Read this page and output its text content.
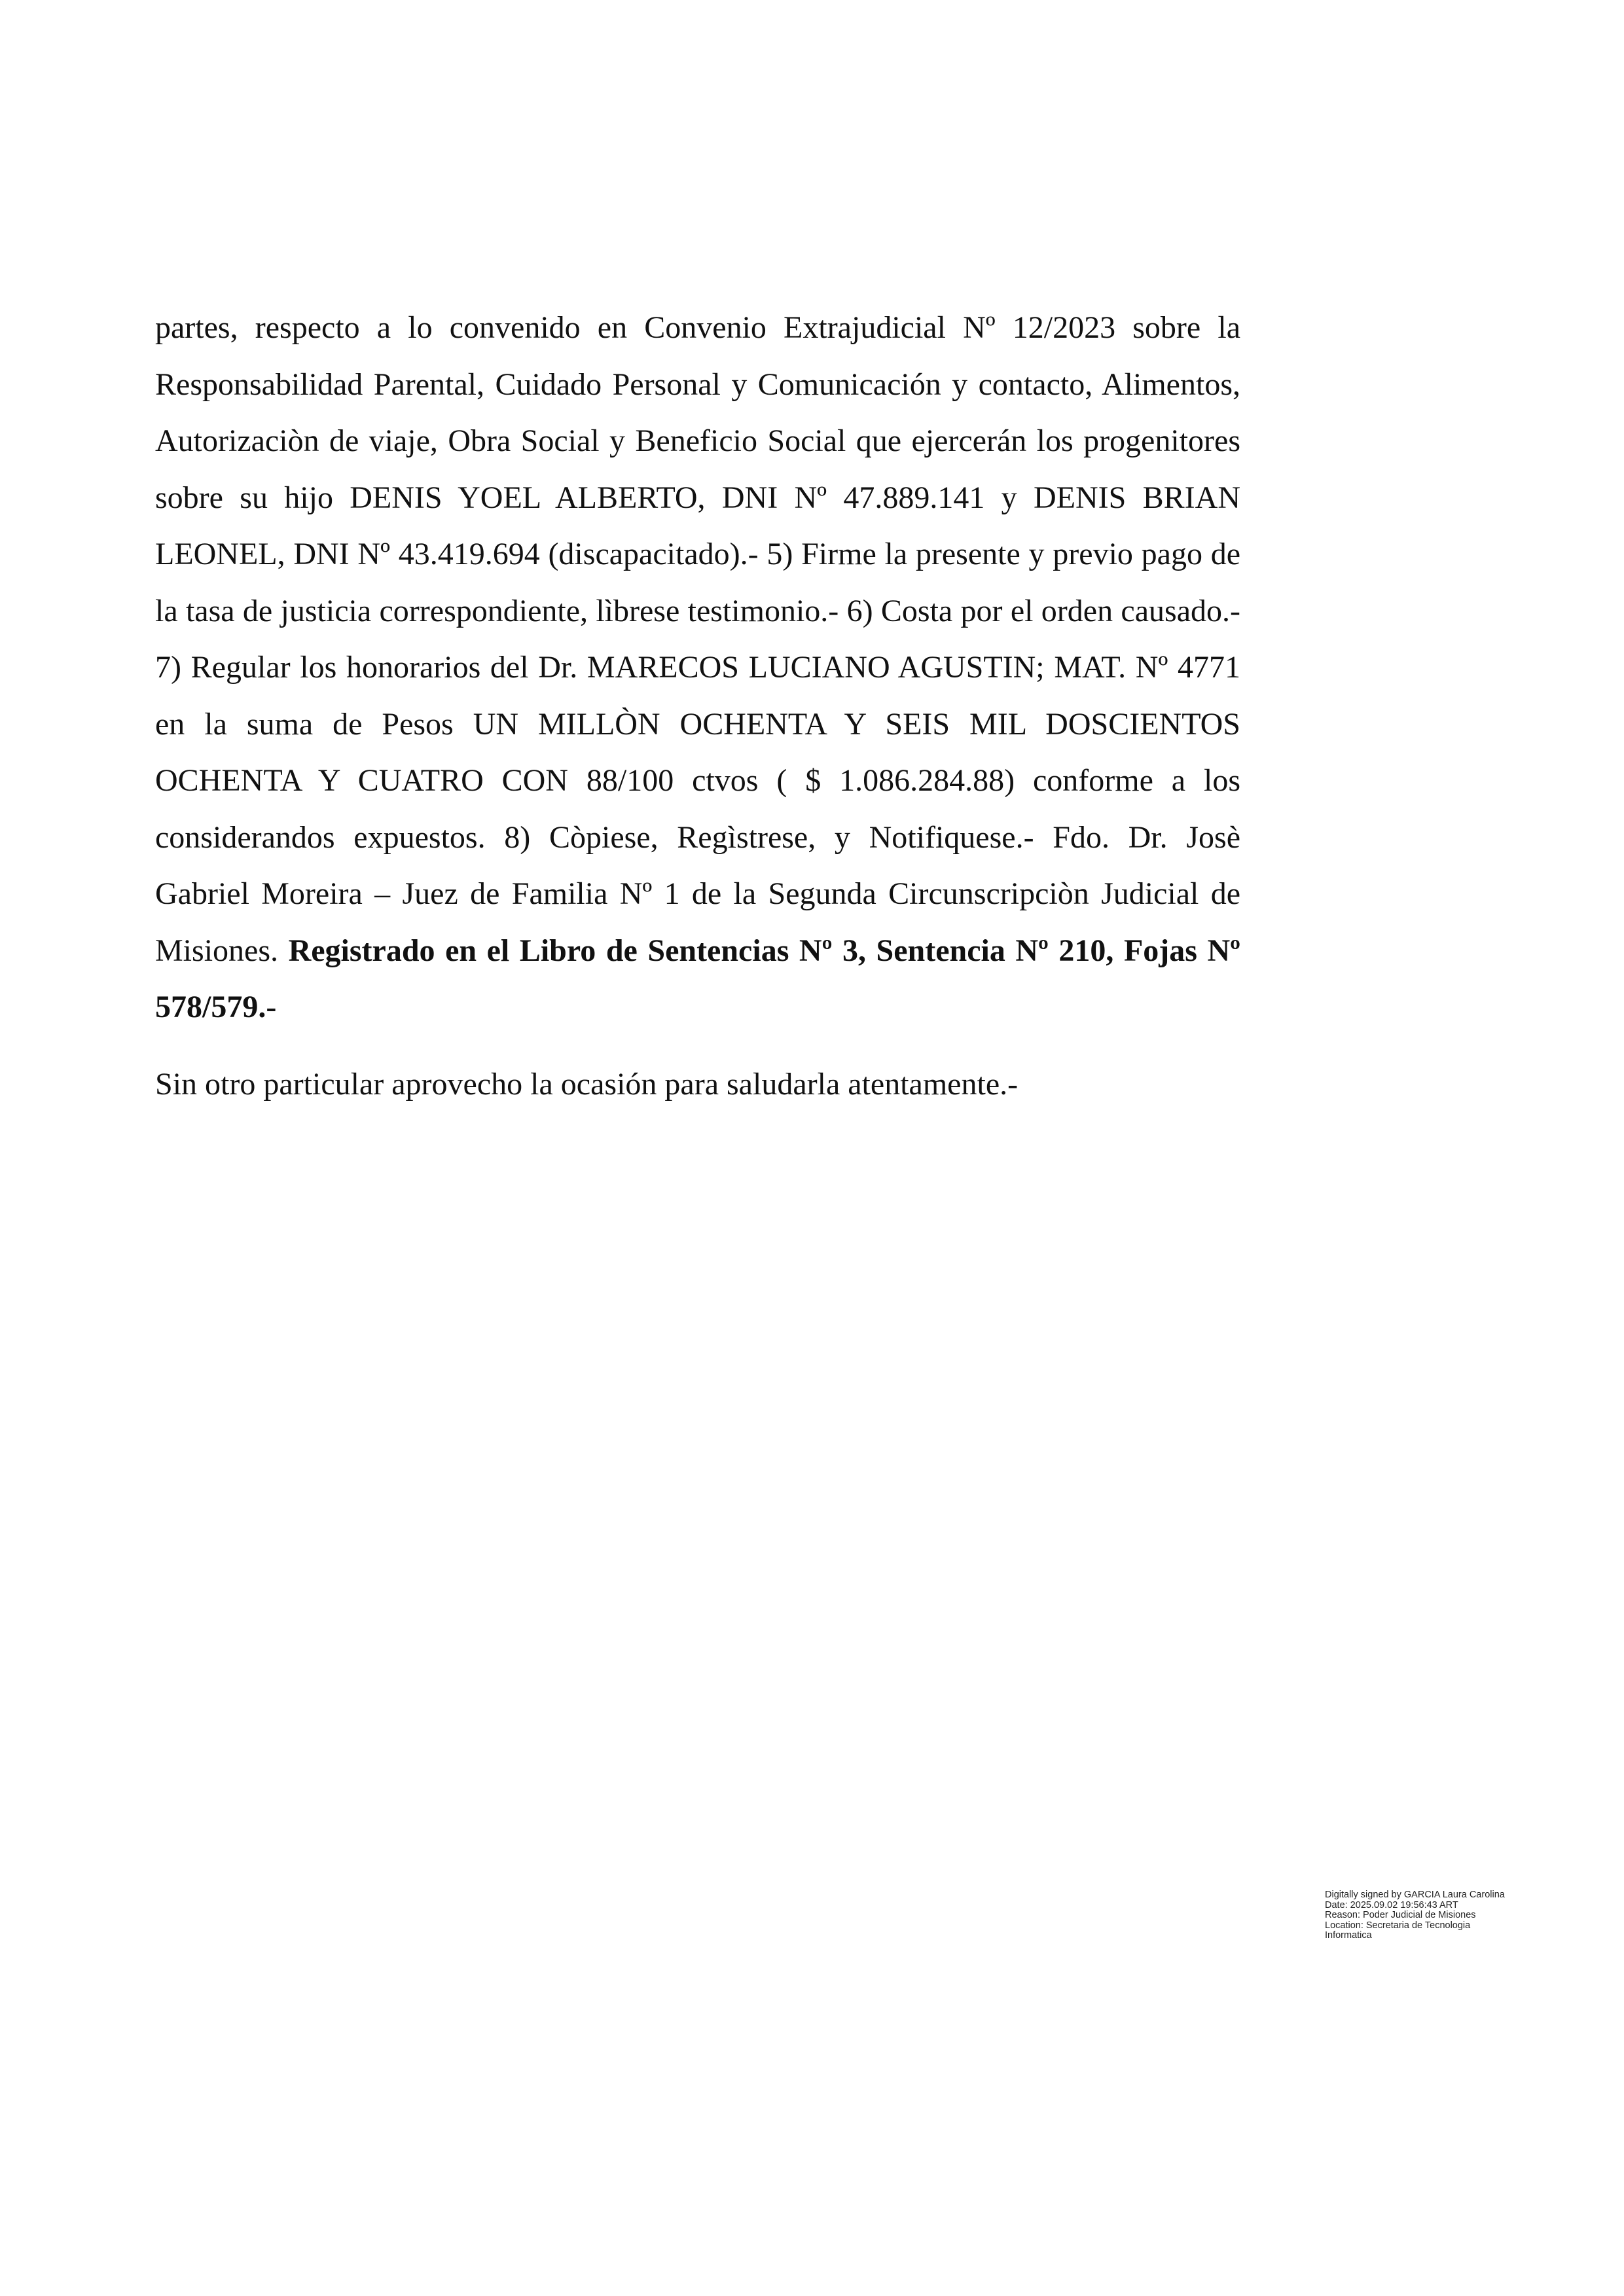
partes, respecto a lo convenido en Convenio Extrajudicial Nº 12/2023 sobre la Responsabilidad Parental, Cuidado Personal y Comunicación y contacto, Alimentos, Autorizaciòn de viaje, Obra Social y Beneficio Social que ejercerán los progenitores sobre su hijo DENIS YOEL ALBERTO, DNI Nº 47.889.141 y DENIS BRIAN LEONEL, DNI Nº 43.419.694 (discapacitado).- 5) Firme la presente y previo pago de la tasa de justicia correspondiente, lìbrese testimonio.- 6) Costa por el orden causado.- 7) Regular los honorarios del Dr. MARECOS LUCIANO AGUSTIN; MAT. Nº 4771 en la suma de Pesos UN MILLÒN OCHENTA Y SEIS MIL DOSCIENTOS OCHENTA Y CUATRO CON 88/100 ctvos ( $ 1.086.284.88) conforme a los considerandos expuestos. 8) Còpiese, Regìstrese, y Notifiquese.- Fdo. Dr. Josè Gabriel Moreira – Juez de Familia Nº 1 de la Segunda Circunscripciòn Judicial de Misiones. Registrado en el Libro de Sentencias Nº 3, Sentencia Nº 210, Fojas Nº 578/579.-

Sin otro particular aprovecho la ocasión para saludarla atentamente.-

Digitally signed by GARCIA Laura Carolina
Date: 2025.09.02 19:56:43 ART
Reason: Poder Judicial de Misiones
Location: Secretaria de Tecnologia
Informatica
